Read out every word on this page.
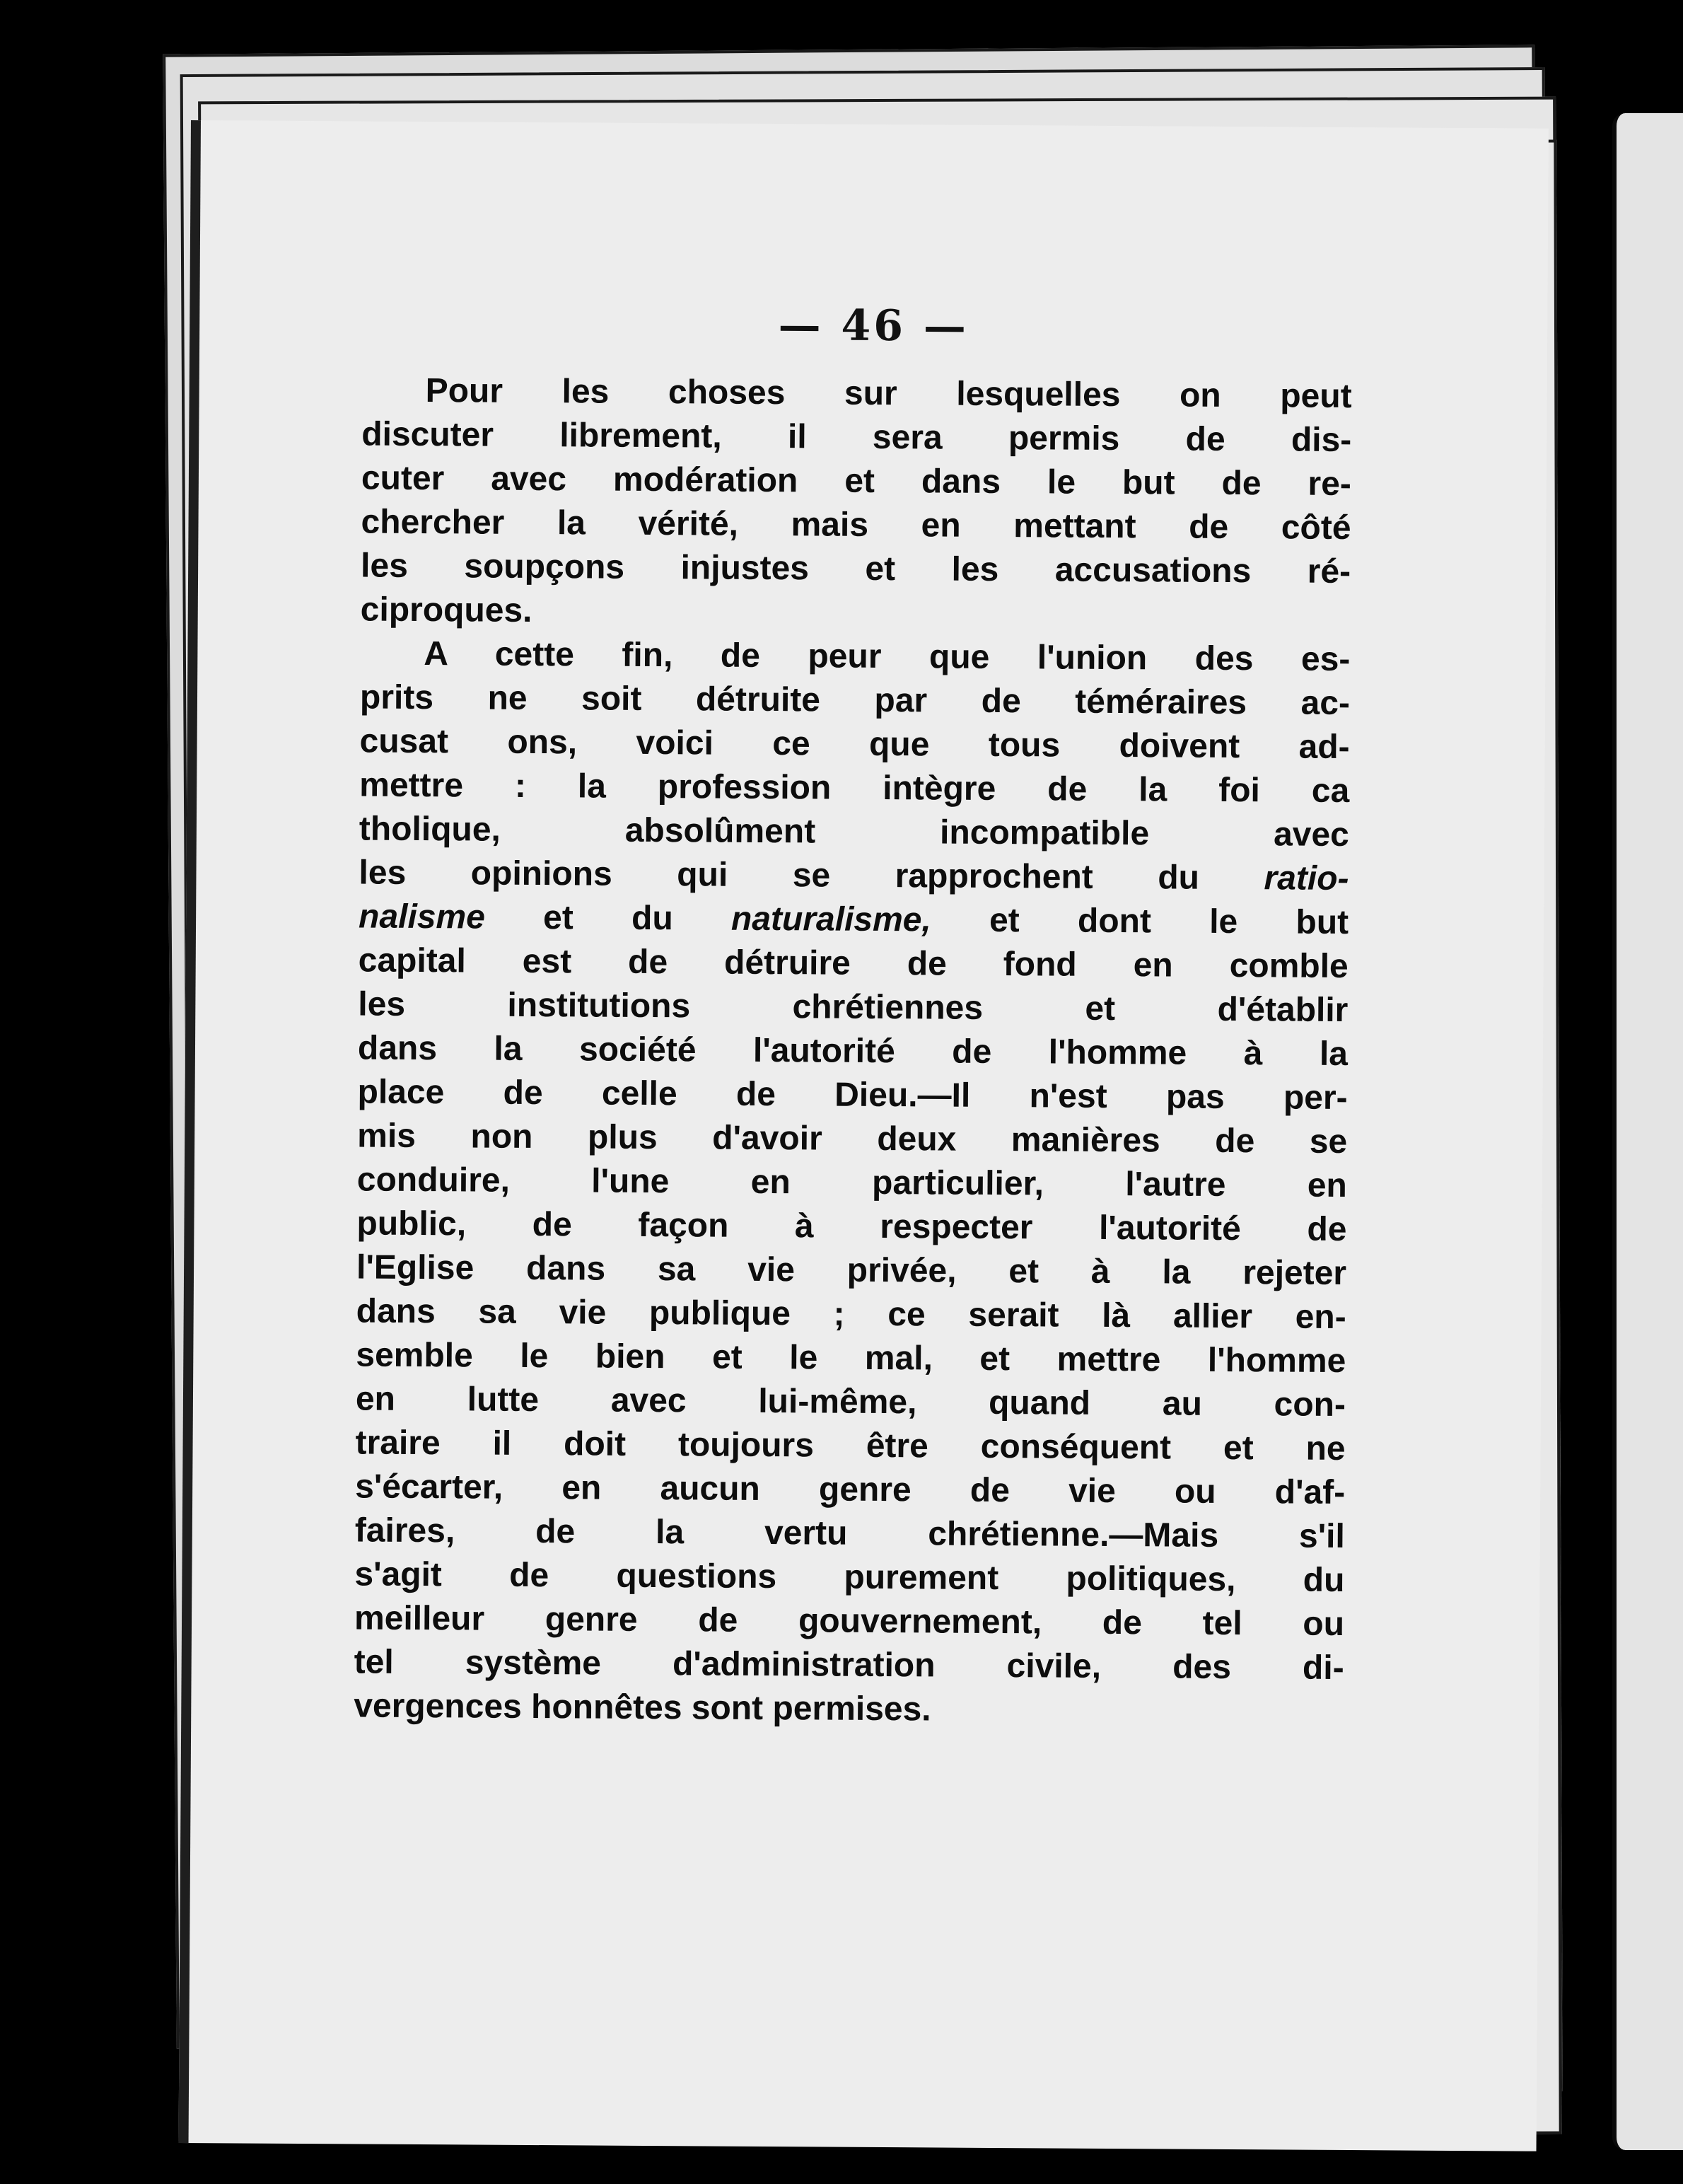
— 46 —
Pour les choses sur lesquelles on peut
discuter librement, il sera permis de dis-
cuter avec modération et dans le but de re-
chercher la vérité, mais en mettant de côté
les soupçons injustes et les accusations ré-
ciproques.
A cette fin, de peur que l'union des es-
prits ne soit détruite par de téméraires ac-
cusat ons, voici ce que tous doivent ad-
mettre : la profession intègre de la foi ca
tholique, absolûment incompatible avec
les opinions qui se rapprochent du ratio-
nalisme et du naturalisme, et dont le but
capital est de détruire de fond en comble
les institutions chrétiennes et d'établir
dans la société l'autorité de l'homme à la
place de celle de Dieu.—Il n'est pas per-
mis non plus d'avoir deux manières de se
conduire, l'une en particulier, l'autre en
public, de façon à respecter l'autorité de
l'Eglise dans sa vie privée, et à la rejeter
dans sa vie publique ; ce serait là allier en-
semble le bien et le mal, et mettre l'homme
en lutte avec lui-même, quand au con-
traire il doit toujours être conséquent et ne
s'écarter, en aucun genre de vie ou d'af-
faires, de la vertu chrétienne.—Mais s'il
s'agit de questions purement politiques, du
meilleur genre de gouvernement, de tel ou
tel système d'administration civile, des di-
vergences honnêtes sont permises.
